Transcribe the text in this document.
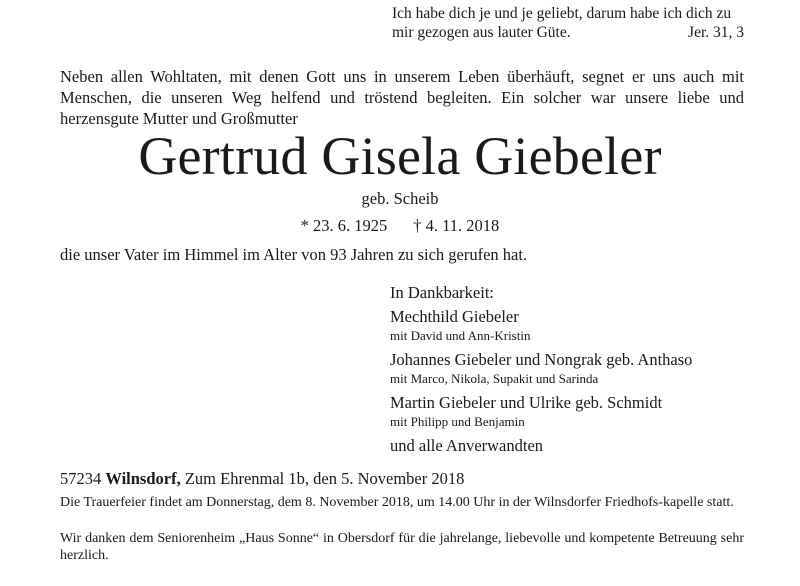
Ich habe dich je und je geliebt, darum habe ich dich zu
mir gezogen aus lauter Güte.	Jer. 31, 3
Neben allen Wohltaten, mit denen Gott uns in unserem Leben überhäuft, segnet er uns auch mit Menschen, die unseren Weg helfend und tröstend begleiten. Ein solcher war unsere liebe und herzensgute Mutter und Großmutter
Gertrud Gisela Giebeler
geb. Scheib
* 23. 6. 1925 † 4. 11. 2018
die unser Vater im Himmel im Alter von 93 Jahren zu sich gerufen hat.
In Dankbarkeit:
Mechthild Giebeler
mit David und Ann-Kristin
Johannes Giebeler und Nongrak geb. Anthaso
mit Marco, Nikola, Supakit und Sarinda
Martin Giebeler und Ulrike geb. Schmidt
mit Philipp und Benjamin
und alle Anverwandten
57234 Wilnsdorf, Zum Ehrenmal 1b, den 5. November 2018
Die Trauerfeier findet am Donnerstag, dem 8. November 2018, um 14.00 Uhr in der Wilnsdorfer Friedhofs-kapelle statt.
Wir danken dem Seniorenheim „Haus Sonne“ in Obersdorf für die jahrelange, liebevolle und kompetente Betreuung sehr herzlich.
